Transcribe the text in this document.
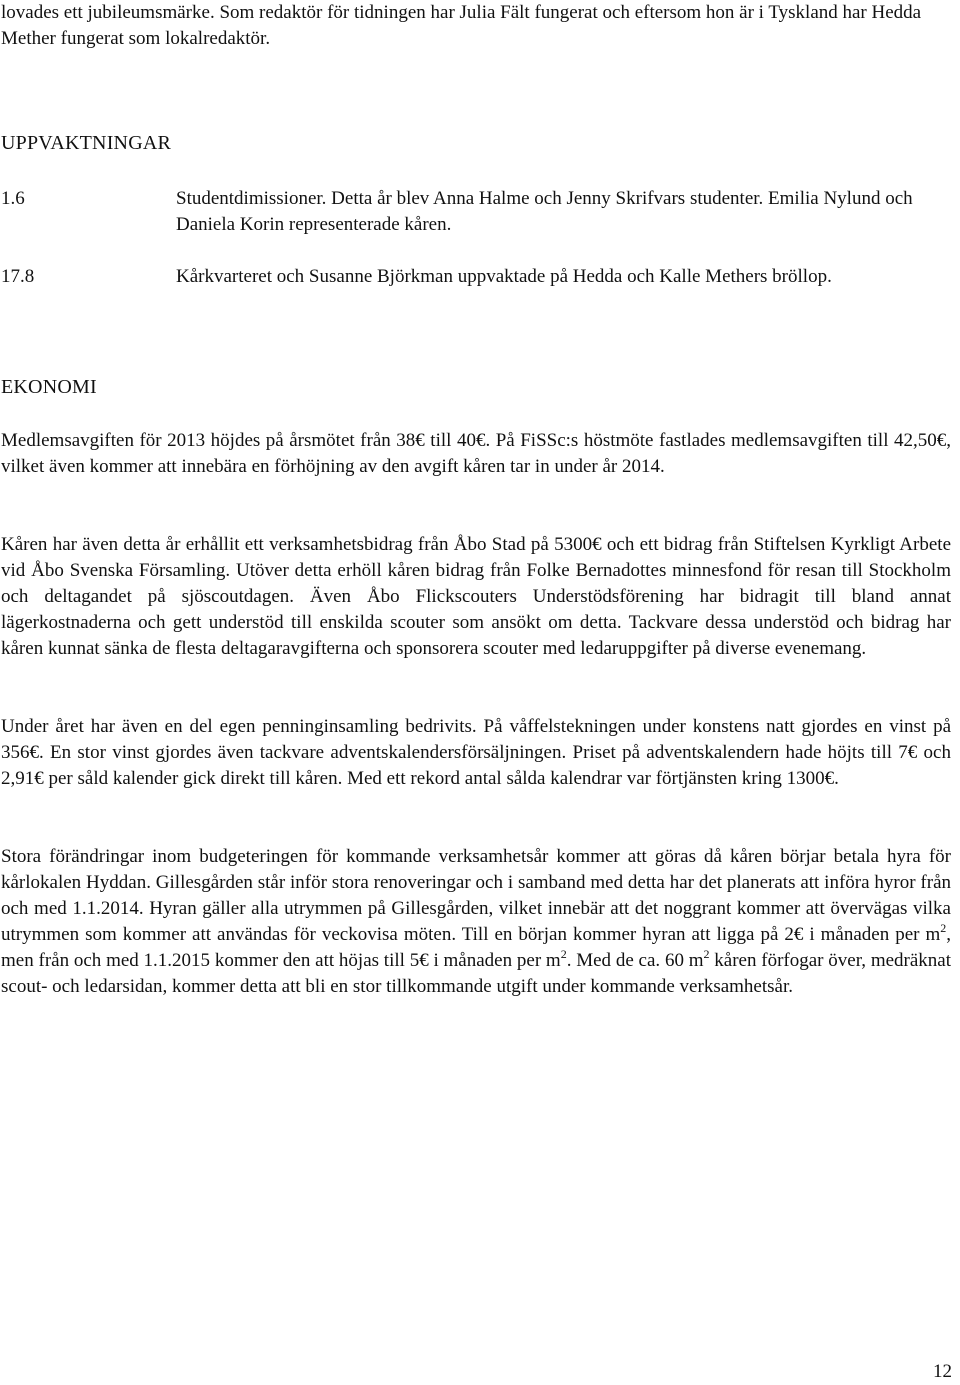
lovades ett jubileumsmärke. Som redaktör för tidningen har Julia Fält fungerat och eftersom hon är i Tyskland har Hedda Mether fungerat som lokalredaktör.

UPPVAKTNINGAR
1.6	Studentdimissioner. Detta år blev Anna Halme och Jenny Skrifvars studenter. Emilia Nylund och Daniela Korin representerade kåren.
17.8	Kårkvarteret och Susanne Björkman uppvaktade på Hedda och Kalle Methers bröllop.
EKONOMI

Medlemsavgiften för 2013 höjdes på årsmötet från 38€ till 40€. På FiSSc:s höstmöte fastlades medlemsavgiften till 42,50€, vilket även kommer att innebära en förhöjning av den avgift kåren tar in under år 2014.

Kåren har även detta år erhållit ett verksamhetsbidrag från Åbo Stad på 5300€ och ett bidrag från Stiftelsen Kyrkligt Arbete vid Åbo Svenska Församling. Utöver detta erhöll kåren bidrag från Folke Bernadottes minnesfond för resan till Stockholm och deltagandet på sjöscoutdagen. Även Åbo Flickscouters Understödsförening har bidragit till bland annat lägerkostnaderna och gett understöd till enskilda scouter som ansökt om detta. Tackvare dessa understöd och bidrag har kåren kunnat sänka de flesta deltagaravgifterna och sponsorera scouter med ledaruppgifter på diverse evenemang.

Under året har även en del egen penninginsamling bedrivits. På våffelstekningen under konstens natt gjordes en vinst på 356€. En stor vinst gjordes även tackvare adventskalendersförsäljningen. Priset på adventskalendern hade höjts till 7€ och 2,91€ per såld kalender gick direkt till kåren. Med ett rekord antal sålda kalendrar var förtjänsten kring 1300€.

Stora förändringar inom budgeteringen för kommande verksamhetsår kommer att göras då kåren börjar betala hyra för kårlokalen Hyddan. Gillesgården står inför stora renoveringar och i samband med detta har det planerats att införa hyror från och med 1.1.2014. Hyran gäller alla utrymmen på Gillesgården, vilket innebär att det noggrant kommer att övervägas vilka utrymmen som kommer att användas för veckovisa möten. Till en början kommer hyran att ligga på 2€ i månaden per $m^2$, men från och med 1.1.2015 kommer den att höjas till 5€ i månaden per $m^2$. Med de ca. 60 $m^2$ kåren förfogar över, medräknat scout- och ledarsidan, kommer detta att bli en stor tillkommande utgift under kommande verksamhetsår.

12
